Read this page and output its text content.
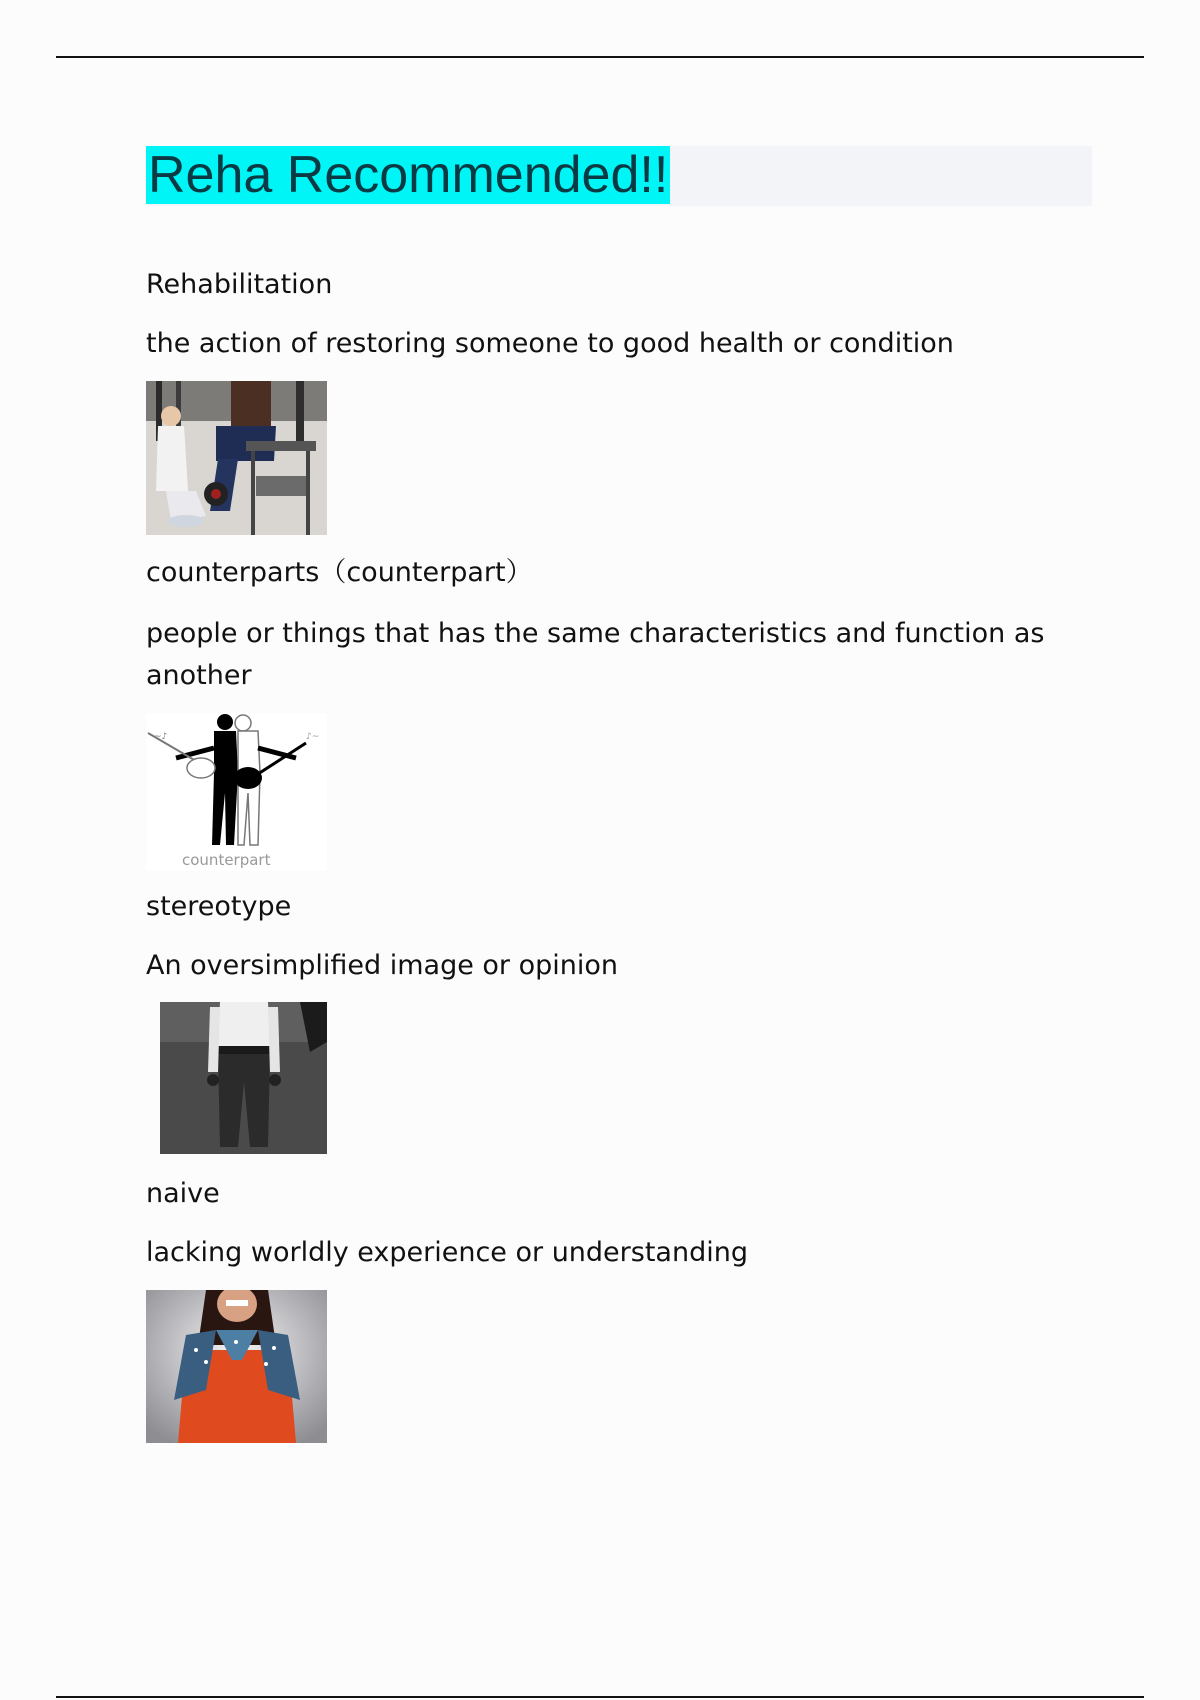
Reha Recommended!!
Rehabilitation
the action of restoring someone to good health or condition
counterparts（counterpart）
people or things that has the same characteristics and function as another
~♪	♪~
counterpart
stereotype
An oversimplified image or opinion
naive
lacking worldly experience or understanding
